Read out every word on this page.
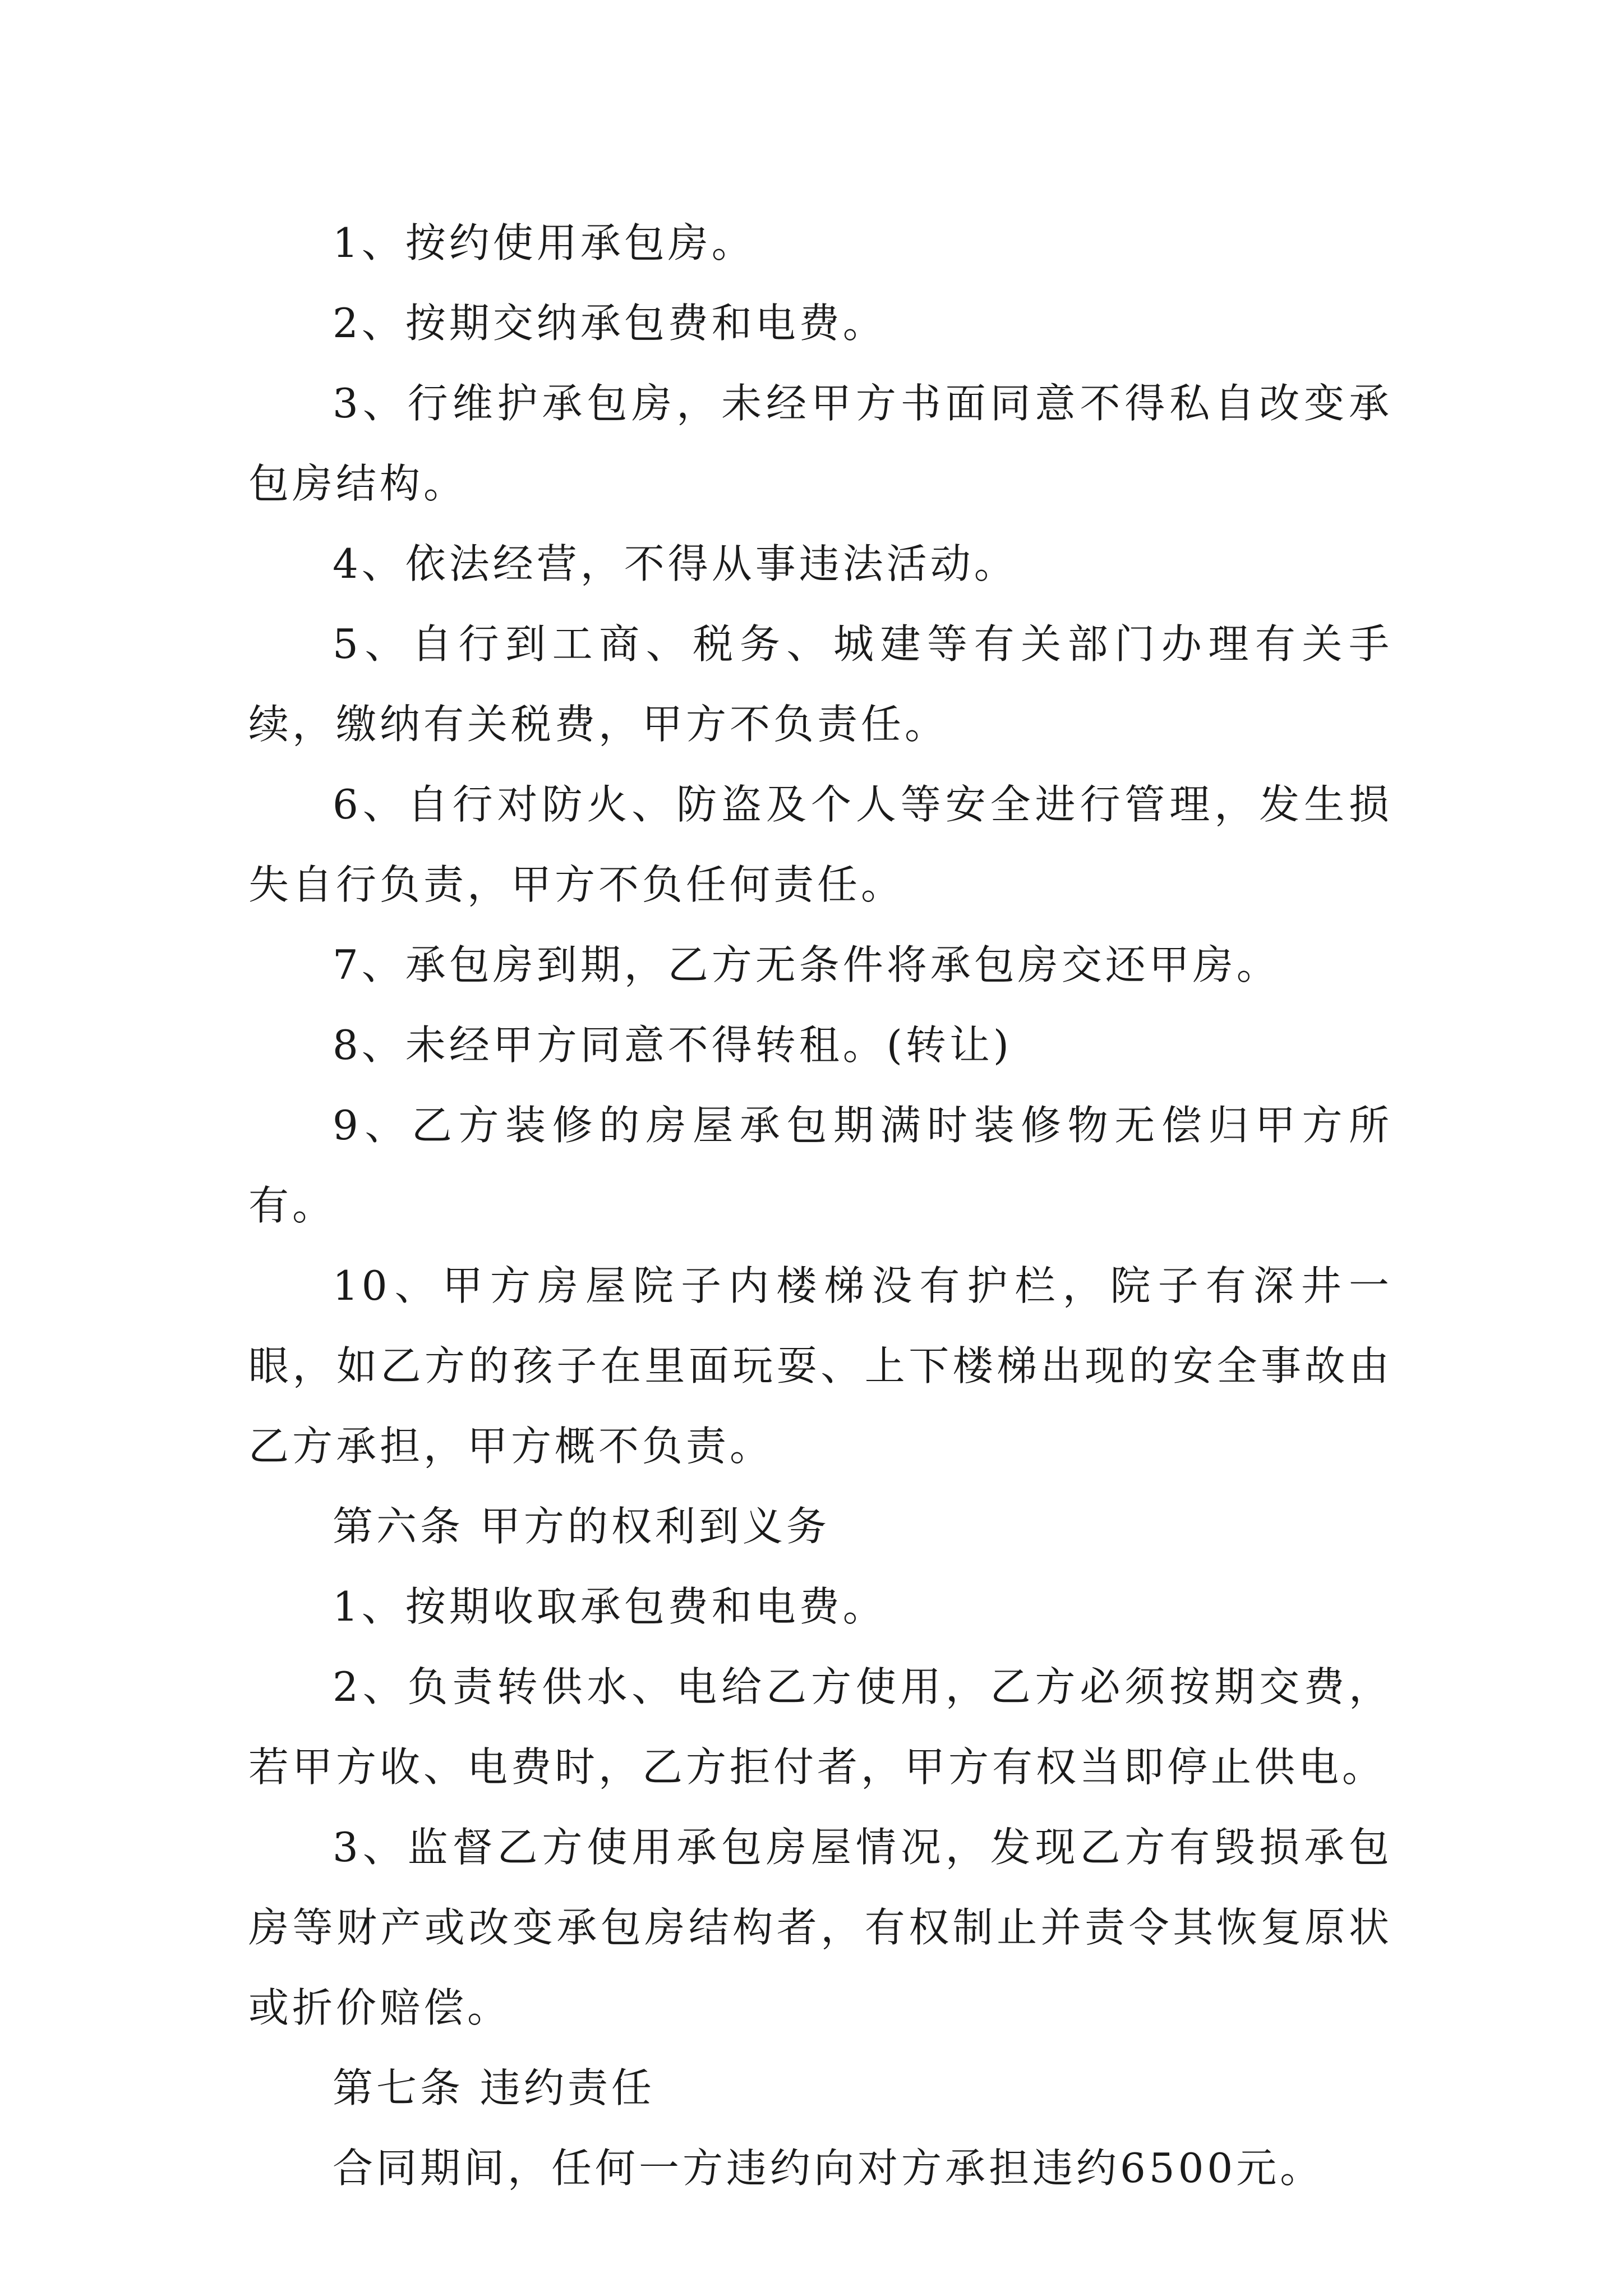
1、按约使用承包房。

2、按期交纳承包费和电费。

3、行维护承包房，未经甲方书面同意不得私自改变承包房结构。

4、依法经营，不得从事违法活动。

5、自行到工商、税务、城建等有关部门办理有关手续，缴纳有关税费，甲方不负责任。

6、自行对防火、防盗及个人等安全进行管理，发生损失自行负责，甲方不负任何责任。

7、承包房到期，乙方无条件将承包房交还甲房。

8、未经甲方同意不得转租。(转让)

9、乙方装修的房屋承包期满时装修物无偿归甲方所有。

10、甲方房屋院子内楼梯没有护栏，院子有深井一眼，如乙方的孩子在里面玩耍、上下楼梯出现的安全事故由乙方承担，甲方概不负责。

第六条 甲方的权利到义务

1、按期收取承包费和电费。

2、负责转供水、电给乙方使用，乙方必须按期交费，若甲方收、电费时，乙方拒付者，甲方有权当即停止供电。

3、监督乙方使用承包房屋情况，发现乙方有毁损承包房等财产或改变承包房结构者，有权制止并责令其恢复原状或折价赔偿。

第七条 违约责任

合同期间，任何一方违约向对方承担违约6500元。
